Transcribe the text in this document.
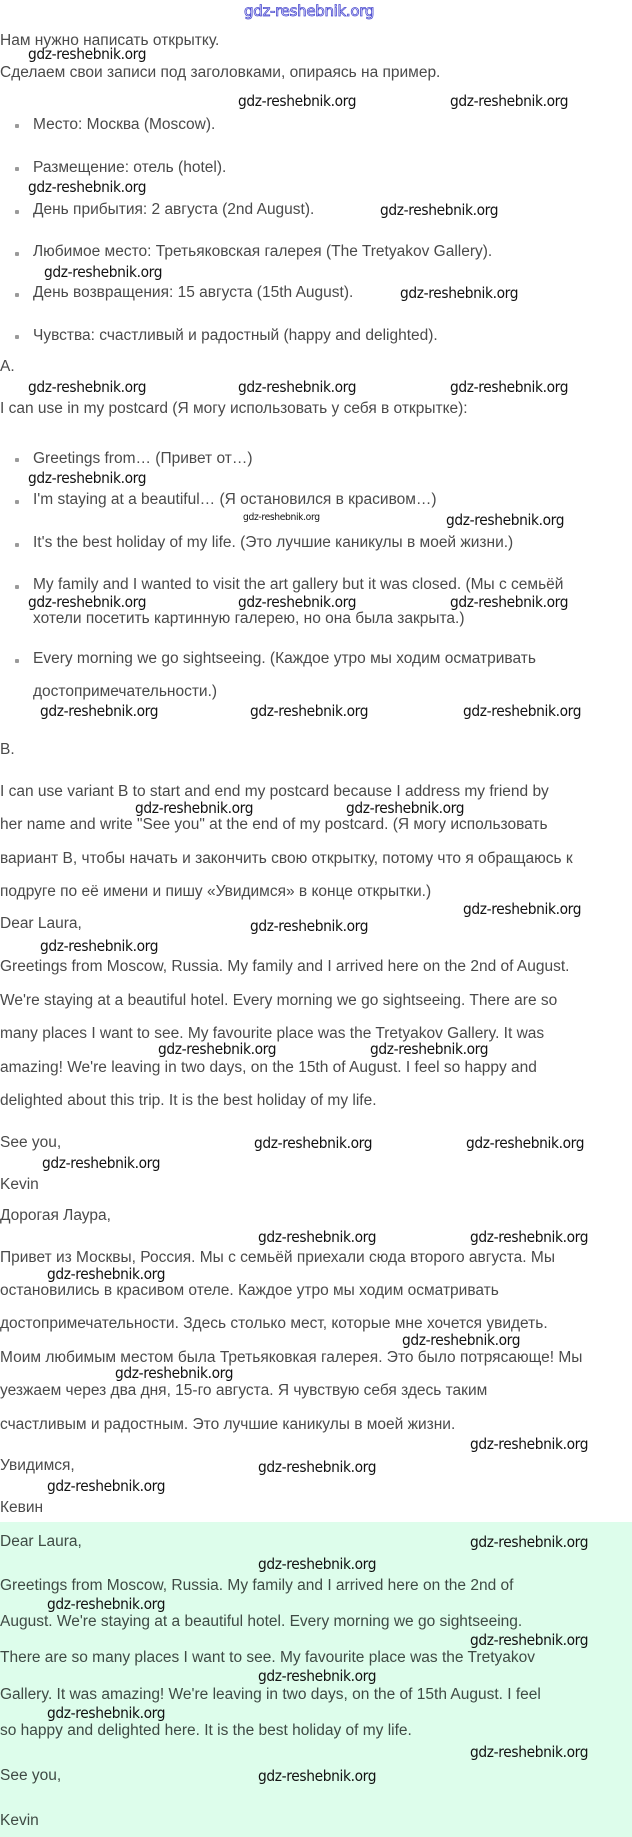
gdz-reshebnik.org
Нам нужно написать открытку.
Сделаем свои записи под заголовками, опираясь на пример.
Место: Москва (Moscow).
Размещение: отель (hotel).
День прибытия: 2 августа (2nd August).
Любимое место: Третьяковская галерея (The Tretyakov Gallery).
День возвращения: 15 августа (15th August).
Чувства: счастливый и радостный (happy and delighted).
A.
I can use in my postcard (Я могу использовать у себя в открытке):
Greetings from… (Привет от…)
I'm staying at a beautiful… (Я остановился в красивом…)
It's the best holiday of my life. (Это лучшие каникулы в моей жизни.)
My family and I wanted to visit the art gallery but it was closed. (Мы с семьёй
хотели посетить картинную галерею, но она была закрыта.)
Every morning we go sightseeing. (Каждое утро мы ходим осматривать
достопримечательности.)
B.
I can use variant B to start and end my postcard because I address my friend by
her name and write "See you" at the end of my postcard. (Я могу использовать
вариант В, чтобы начать и закончить свою открытку, потому что я обращаюсь к
подруге по её имени и пишу «Увидимся» в конце открытки.)
Dear Laura,
Greetings from Moscow, Russia. My family and I arrived here on the 2nd of August.
We're staying at a beautiful hotel. Every morning we go sightseeing. There are so
many places I want to see. My favourite place was the Tretyakov Gallery. It was
amazing! We're leaving in two days, on the 15th of August. I feel so happy and
delighted about this trip. It is the best holiday of my life.
See you,
Kevin
Дорогая Лаура,
Привет из Москвы, Россия. Мы с семьёй приехали сюда второго августа. Мы
остановились в красивом отеле. Каждое утро мы ходим осматривать
достопримечательности. Здесь столько мест, которые мне хочется увидеть.
Моим любимым местом была Третьяковкая галерея. Это было потрясающе! Мы
уезжаем через два дня, 15-го августа. Я чувствую себя здесь таким
счастливым и радостным. Это лучшие каникулы в моей жизни.
Увидимся,
Кевин
Dear Laura,
Greetings from Moscow, Russia. My family and I arrived here on the 2nd of
August. We're staying at a beautiful hotel. Every morning we go sightseeing.
There are so many places I want to see. My favourite place was the Tretyakov
Gallery. It was amazing! We're leaving in two days, on the of 15th August. I feel
so happy and delighted here. It is the best holiday of my life.
See you,
Kevin
gdz-reshebnik.org
gdz-reshebnik.org	gdz-reshebnik.org
gdz-reshebnik.org
gdz-reshebnik.org
gdz-reshebnik.org
gdz-reshebnik.org
gdz-reshebnik.org	gdz-reshebnik.org	gdz-reshebnik.org
gdz-reshebnik.org
gdz-reshebnik.org	gdz-reshebnik.org
gdz-reshebnik.org	gdz-reshebnik.org	gdz-reshebnik.org
gdz-reshebnik.org	gdz-reshebnik.org	gdz-reshebnik.org
gdz-reshebnik.org	gdz-reshebnik.org
gdz-reshebnik.org
gdz-reshebnik.org
gdz-reshebnik.org
gdz-reshebnik.org	gdz-reshebnik.org
gdz-reshebnik.org	gdz-reshebnik.org
gdz-reshebnik.org
gdz-reshebnik.org	gdz-reshebnik.org
gdz-reshebnik.org
gdz-reshebnik.org
gdz-reshebnik.org
gdz-reshebnik.org
gdz-reshebnik.org
gdz-reshebnik.org
gdz-reshebnik.org
gdz-reshebnik.org
gdz-reshebnik.org
gdz-reshebnik.org
gdz-reshebnik.org
gdz-reshebnik.org
gdz-reshebnik.org
gdz-reshebnik.org
